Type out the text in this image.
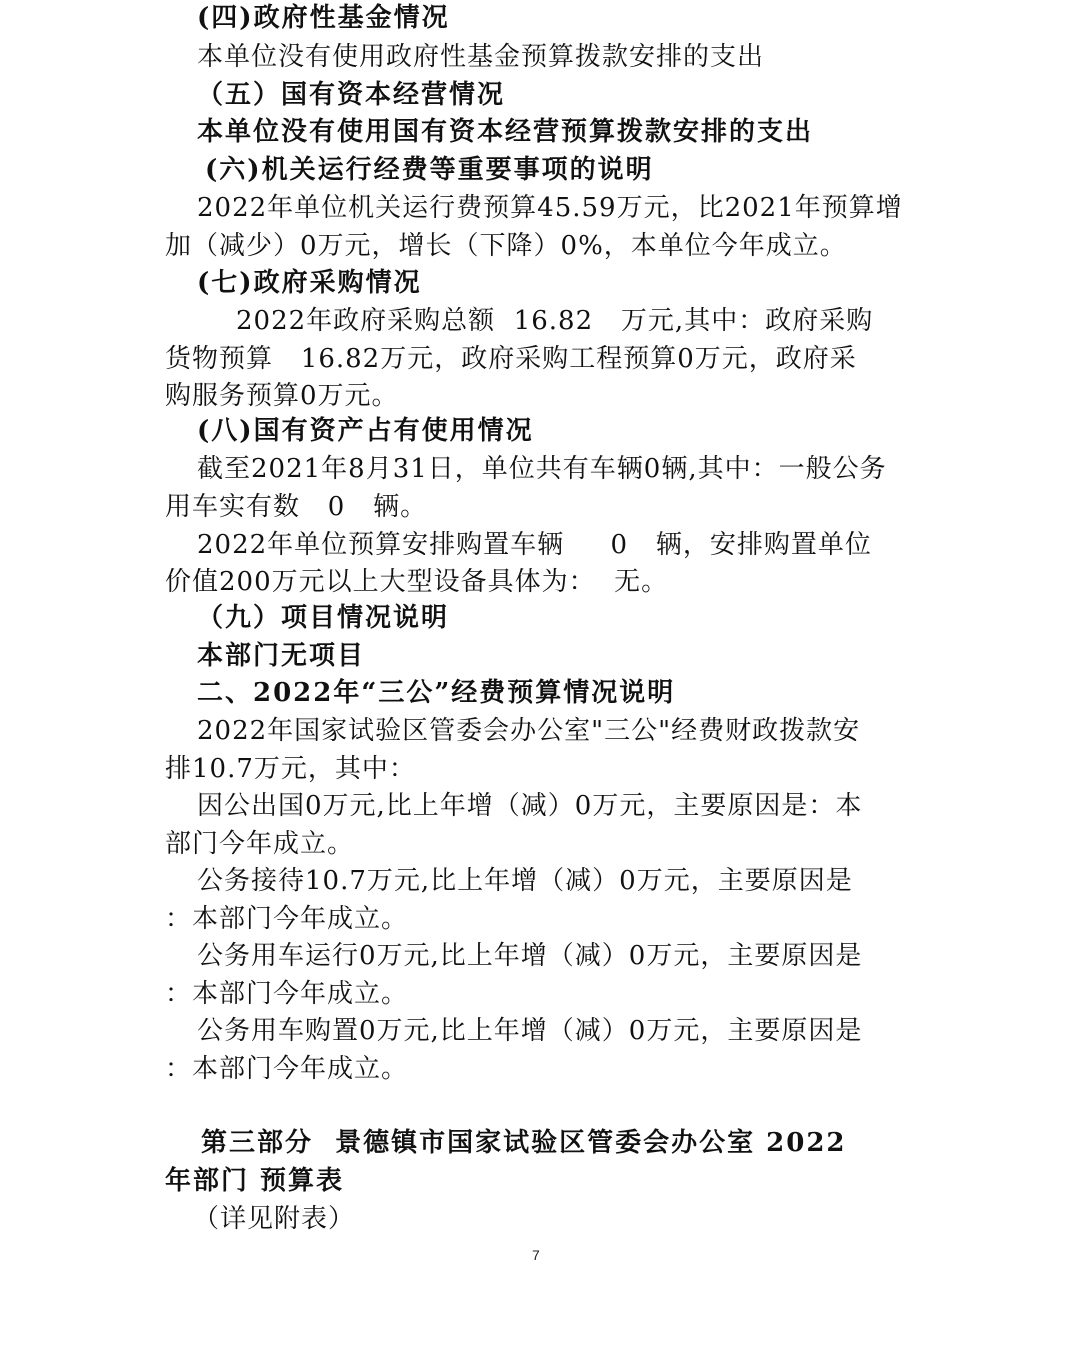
(四)政府性基金情况
本单位没有使用政府性基金预算拨款安排的支出
（五）国有资本经营情况
本单位没有使用国有资本经营预算拨款安排的支出
(六)机关运行经费等重要事项的说明
2022年单位机关运行费预算45.59万元，比2021年预算增
加（减少）0万元，增长（下降）0%，本单位今年成立。
(七)政府采购情况
2022年政府采购总额  16.82   万元,其中：政府采购
货物预算   16.82万元，政府采购工程预算0万元，政府采
购服务预算0万元。
(八)国有资产占有使用情况
截至2021年8月31日，单位共有车辆0辆,其中：一般公务
用车实有数   0   辆。
2022年单位预算安排购置车辆     0   辆，安排购置单位
价值200万元以上大型设备具体为：  无。
（九）项目情况说明
本部门无项目
二、2022年“三公”经费预算情况说明
2022年国家试验区管委会办公室"三公"经费财政拨款安
排10.7万元，其中：
因公出国0万元,比上年增（减）0万元，主要原因是：本
部门今年成立。
公务接待10.7万元,比上年增（减）0万元，主要原因是
：本部门今年成立。
公务用车运行0万元,比上年增（减）0万元，主要原因是
：本部门今年成立。
公务用车购置0万元,比上年增（减）0万元，主要原因是
：本部门今年成立。
第三部分  景德镇市国家试验区管委会办公室 2022
年部门 预算表
（详见附表）
7
